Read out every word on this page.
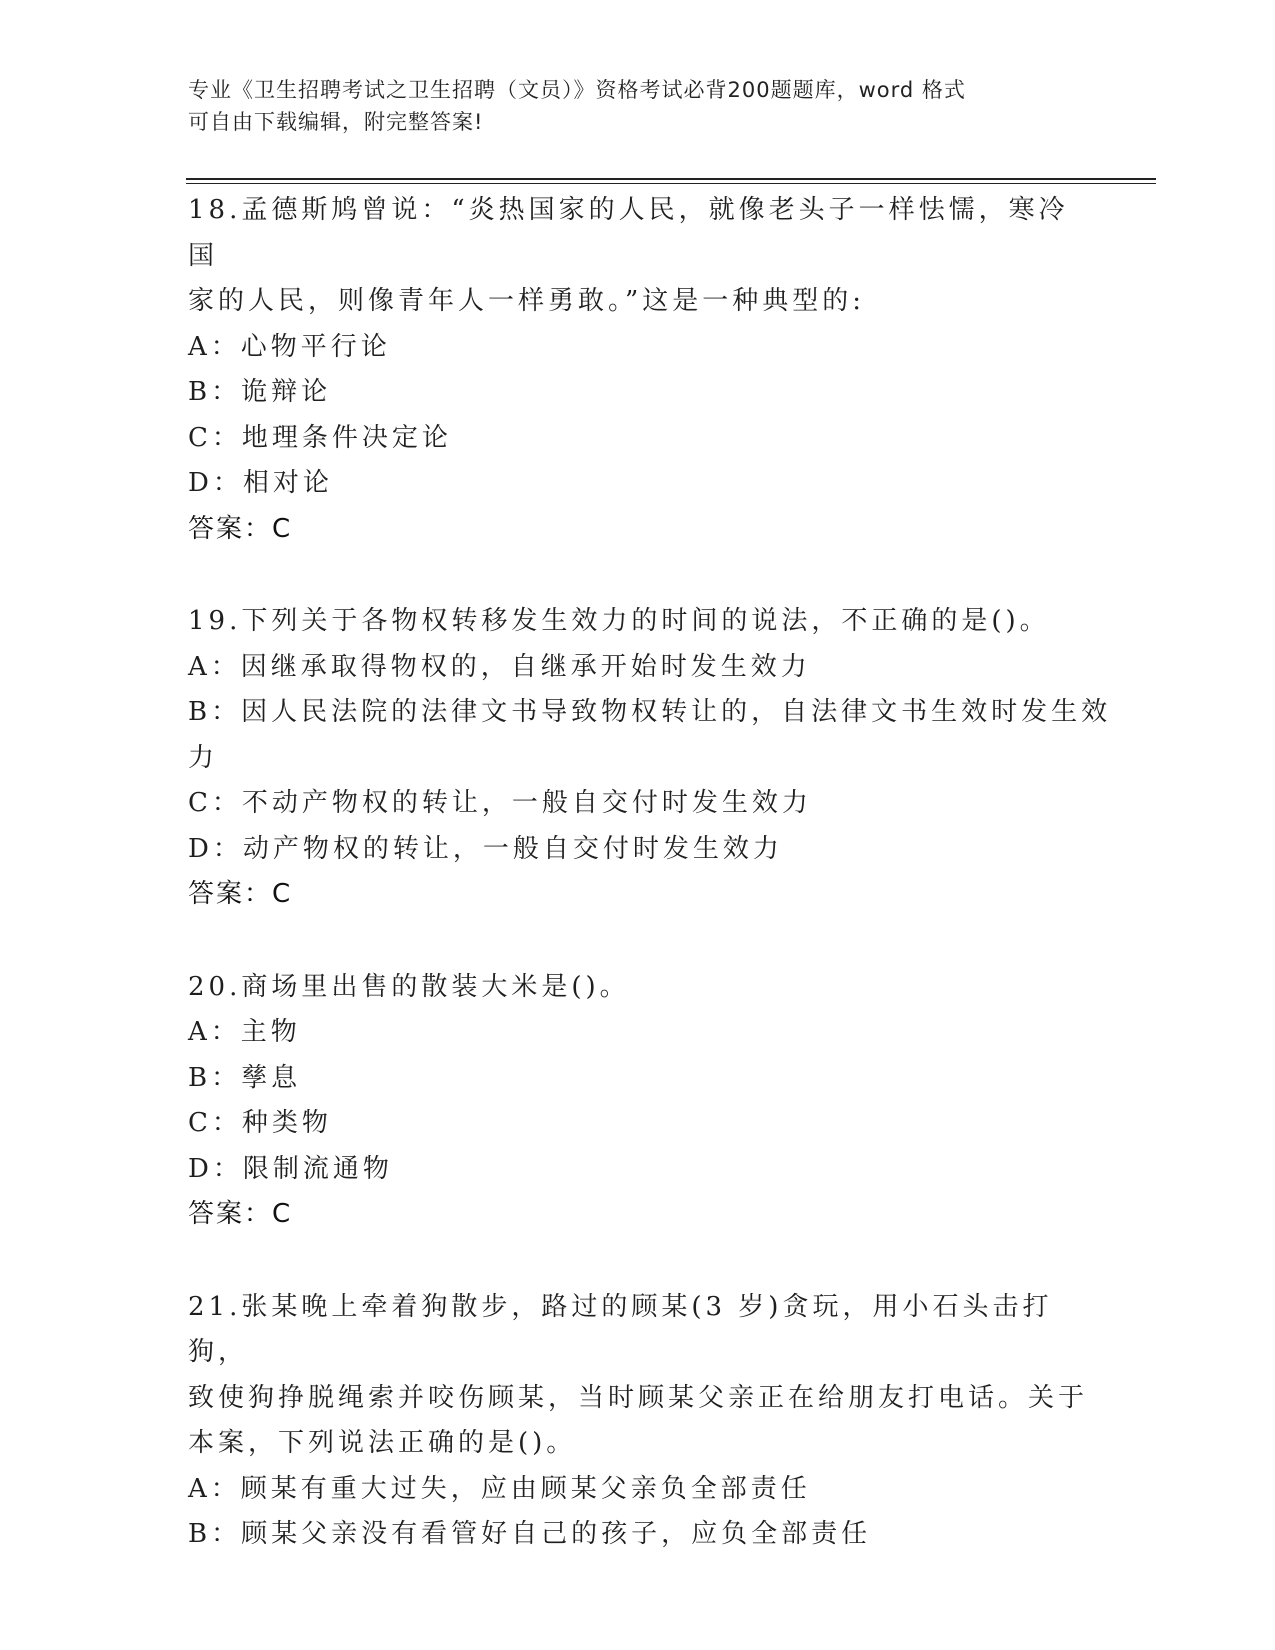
专业《卫生招聘考试之卫生招聘（文员）》资格考试必背200题题库，word 格式
可自由下载编辑，附完整答案!
18.孟德斯鸠曾说：“炎热国家的人民，就像老头子一样怯懦，寒冷国
家的人民，则像青年人一样勇敢。”这是一种典型的:
A：心物平行论
B：诡辩论
C：地理条件决定论
D：相对论
答案：C
19.下列关于各物权转移发生效力的时间的说法，不正确的是()。
A：因继承取得物权的，自继承开始时发生效力
B：因人民法院的法律文书导致物权转让的，自法律文书生效时发生效
力
C：不动产物权的转让，一般自交付时发生效力
D：动产物权的转让，一般自交付时发生效力
答案：C
20.商场里出售的散装大米是()。
A：主物
B：孳息
C：种类物
D：限制流通物
答案：C
21.张某晚上牵着狗散步，路过的顾某(3 岁)贪玩，用小石头击打狗，
致使狗挣脱绳索并咬伤顾某，当时顾某父亲正在给朋友打电话。关于
本案，下列说法正确的是()。
A：顾某有重大过失，应由顾某父亲负全部责任
B：顾某父亲没有看管好自己的孩子，应负全部责任
